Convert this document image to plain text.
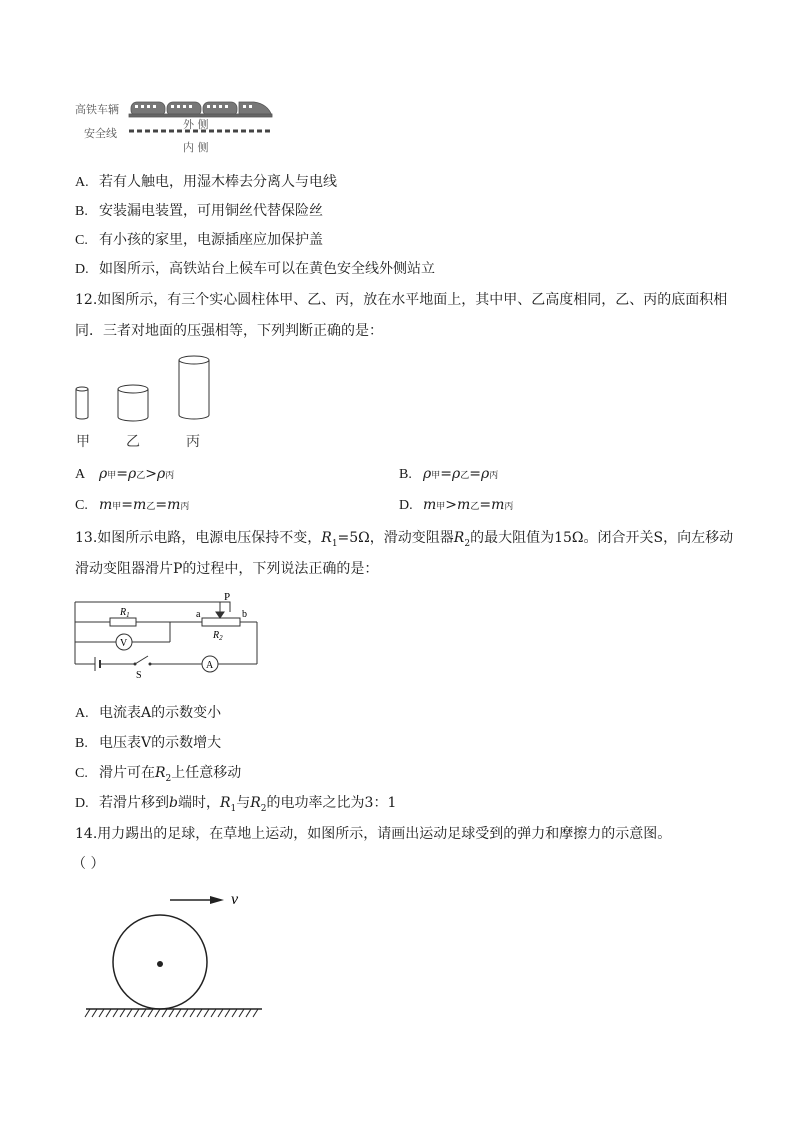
高铁车辆
安全线
外 侧
内 侧
A. 若有人触电，用湿木棒去分离人与电线
B. 安装漏电装置，可用铜丝代替保险丝
C. 有小孩的家里，电源插座应加保护盖
D. 如图所示，高铁站台上候车可以在黄色安全线外侧站立
12.如图所示，有三个实心圆柱体甲、乙、丙，放在水平地面上，其中甲、乙高度相同，乙、丙的底面积相
同．三者对地面的压强相等，下列判断正确的是：
甲	乙	丙
A ρ甲=ρ乙>ρ丙	B. ρ甲=ρ乙=ρ丙
C. m甲=m乙=m丙	D. m甲>m乙=m丙
13.如图所示电路，电源电压保持不变，$R_1=5\Omega$，滑动变阻器$R_2$的最大阻值为15Ω。闭合开关S，向左移动
滑动变阻器滑片P的过程中，下列说法正确的是：
$R_1$
P
a	b
$R_2$
V
A
S
A. 电流表A的示数变小
B. 电压表V的示数增大
C. 滑片可在$R_2$上任意移动
D. 若滑片移到b端时，$R_1$与$R_2$的电功率之比为3：1
14.用力踢出的足球，在草地上运动，如图所示，请画出运动足球受到的弹力和摩擦力的示意图。
（ ）
v
